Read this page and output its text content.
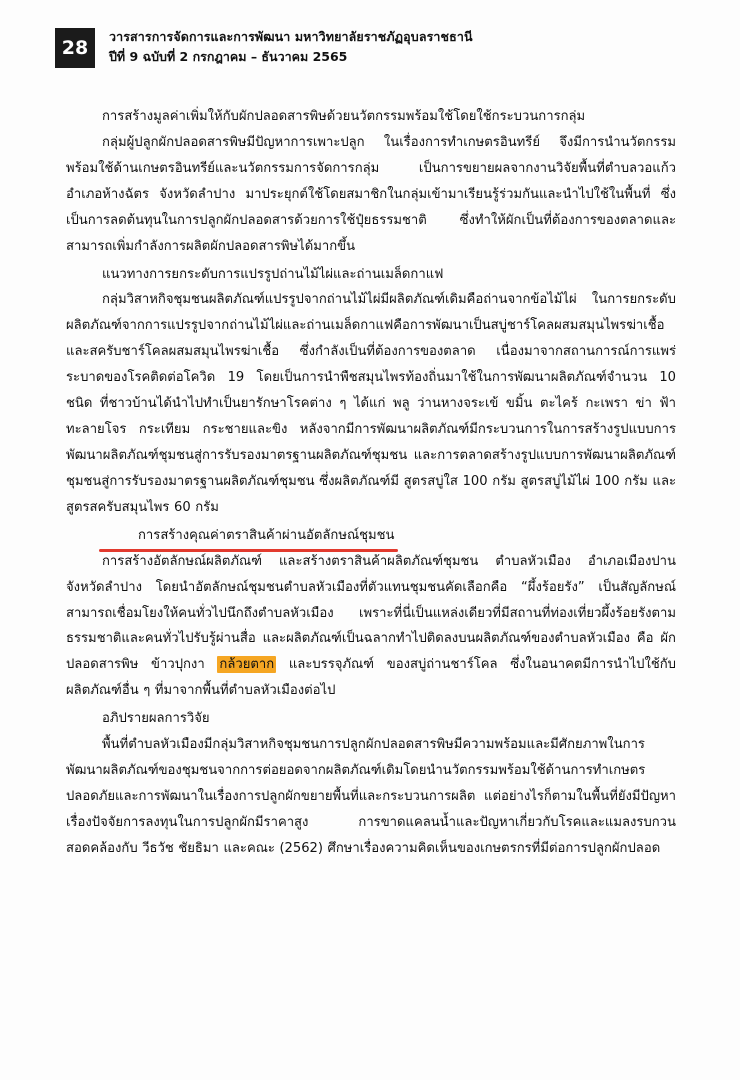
28
วารสารการจัดการและการพัฒนา มหาวิทยาลัยราชภัฏอุบลราชธานี
ปีที่ 9 ฉบับที่ 2 กรกฎาคม – ธันวาคม 2565

การสร้างมูลค่าเพิ่มให้กับผักปลอดสารพิษด้วยนวัตกรรมพร้อมใช้โดยใช้กระบวนการกลุ่ม

กลุ่มผู้ปลูกผักปลอดสารพิษมีปัญหาการเพาะปลูก ในเรื่องการทำเกษตรอินทรีย์ จึงมีการนำนวัตกรรมพร้อมใช้ด้านเกษตรอินทรีย์และนวัตกรรมการจัดการกลุ่ม เป็นการขยายผลจากงานวิจัยพื้นที่ตำบลวอแก้ว อำเภอห้างฉัตร จังหวัดลำปาง มาประยุกต์ใช้โดยสมาชิกในกลุ่มเข้ามาเรียนรู้ร่วมกันและนำไปใช้ในพื้นที่ ซึ่งเป็นการลดต้นทุนในการปลูกผักปลอดสารด้วยการใช้ปุ๋ยธรรมชาติ ซึ่งทำให้ผักเป็นที่ต้องการของตลาดและสามารถเพิ่มกำลังการผลิตผักปลอดสารพิษได้มากขึ้น

แนวทางการยกระดับการแปรรูปถ่านไม้ไผ่และถ่านเมล็ดกาแฟ

กลุ่มวิสาหกิจชุมชนผลิตภัณฑ์แปรรูปจากถ่านไม้ไผ่มีผลิตภัณฑ์เดิมคือถ่านจากข้อไม้ไผ่ ในการยกระดับผลิตภัณฑ์จากการแปรรูปจากถ่านไม้ไผ่และถ่านเมล็ดกาแฟคือการพัฒนาเป็นสบู่ชาร์โคลผสมสมุนไพรฆ่าเชื้อและสครับชาร์โคลผสมสมุนไพรฆ่าเชื้อ ซึ่งกำลังเป็นที่ต้องการของตลาด เนื่องมาจากสถานการณ์การแพร่ระบาดของโรคติดต่อโควิด 19 โดยเป็นการนำพืชสมุนไพรท้องถิ่นมาใช้ในการพัฒนาผลิตภัณฑ์จำนวน 10 ชนิด ที่ชาวบ้านได้นำไปทำเป็นยารักษาโรคต่าง ๆ ได้แก่ พลู ว่านหางจระเข้ ขมิ้น ตะไคร้ กะเพรา ข่า ฟ้าทะลายโจร กระเทียม กระชายและขิง หลังจากมีการพัฒนาผลิตภัณฑ์มีกระบวนการในการสร้างรูปแบบการพัฒนาผลิตภัณฑ์ชุมชนสู่การรับรองมาตรฐานผลิตภัณฑ์ชุมชน และการตลาดสร้างรูปแบบการพัฒนาผลิตภัณฑ์ชุมชนสู่การรับรองมาตรฐานผลิตภัณฑ์ชุมชน ซึ่งผลิตภัณฑ์มี สูตรสบู่ใส 100 กรัม สูตรสบู่ไม้ไผ่ 100 กรัม และสูตรสครับสมุนไพร 60 กรัม

การสร้างคุณค่าตราสินค้าผ่านอัตลักษณ์ชุมชน

การสร้างอัตลักษณ์ผลิตภัณฑ์ และสร้างตราสินค้าผลิตภัณฑ์ชุมชน ตำบลหัวเมือง อำเภอเมืองปาน จังหวัดลำปาง โดยนำอัตลักษณ์ชุมชนตำบลหัวเมืองที่ตัวแทนชุมชนคัดเลือกคือ “ผึ้งร้อยรัง” เป็นสัญลักษณ์สามารถเชื่อมโยงให้คนทั่วไปนึกถึงตำบลหัวเมือง เพราะที่นี่เป็นแหล่งเดียวที่มีสถานที่ท่องเที่ยวผึ้งร้อยรังตามธรรมชาติและคนทั่วไปรับรู้ผ่านสื่อ และผลิตภัณฑ์เป็นฉลากทำไปติดลงบนผลิตภัณฑ์ของตำบลหัวเมือง คือ ผักปลอดสารพิษ ข้าวปุกงา กล้วยตาก และบรรจุภัณฑ์ ของสบู่ถ่านชาร์โคล ซึ่งในอนาคตมีการนำไปใช้กับผลิตภัณฑ์อื่น ๆ ที่มาจากพื้นที่ตำบลหัวเมืองต่อไป

อภิปรายผลการวิจัย

พื้นที่ตำบลหัวเมืองมีกลุ่มวิสาหกิจชุมชนการปลูกผักปลอดสารพิษมีความพร้อมและมีศักยภาพในการพัฒนาผลิตภัณฑ์ของชุมชนจากการต่อยอดจากผลิตภัณฑ์เดิมโดยนำนวัตกรรมพร้อมใช้ด้านการทำเกษตรปลอดภัยและการพัฒนาในเรื่องการปลูกผักขยายพื้นที่และกระบวนการผลิต แต่อย่างไรก็ตามในพื้นที่ยังมีปัญหาเรื่องปัจจัยการลงทุนในการปลูกผักมีราคาสูง การขาดแคลนน้ำและปัญหาเกี่ยวกับโรคและแมลงรบกวนสอดคล้องกับ วีธวัช ชัยธิมา และคณะ (2562) ศึกษาเรื่องความคิดเห็นของเกษตรกรที่มีต่อการปลูกผักปลอด
